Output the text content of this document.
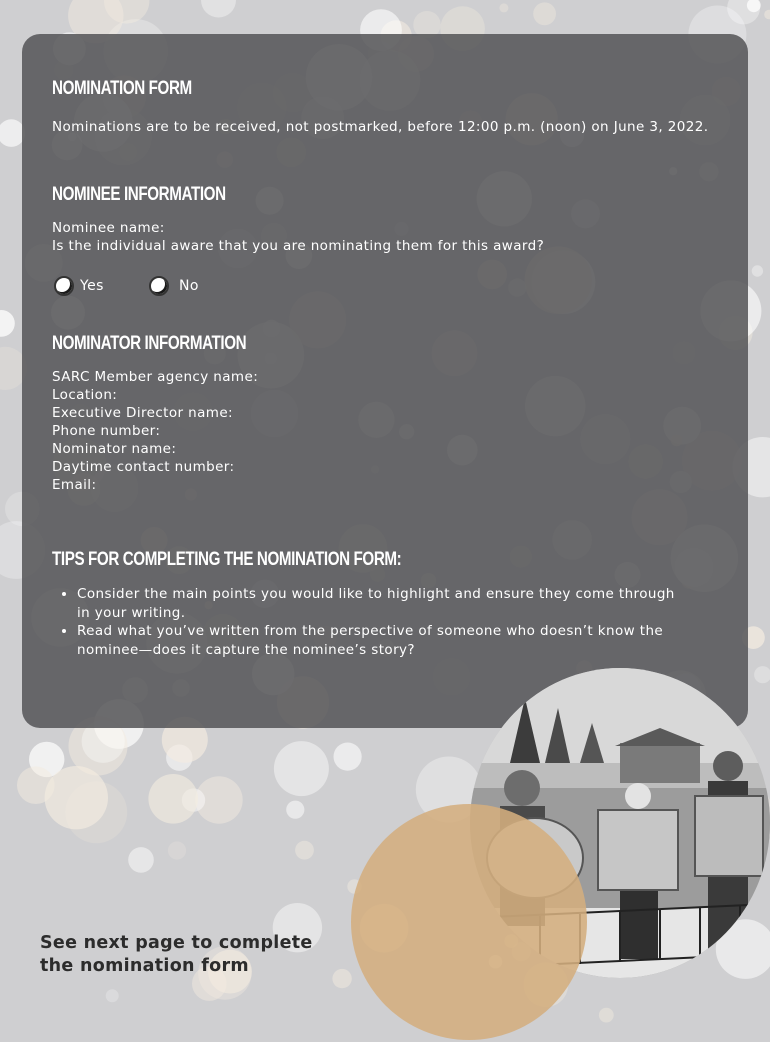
NOMINATION FORM

Nominations are to be received, not postmarked, before 12:00 p.m. (noon) on June 3, 2022.

NOMINEE INFORMATION

Nominee name:

Is the individual aware that you are nominating them for this award?

Yes	No
NOMINATOR INFORMATION
SARC Member agency name:
Location:
Executive Director name:
Phone number:
Nominator name:
Daytime contact number:
Email:
TIPS FOR COMPLETING THE NOMINATION FORM:
• Consider the main points you would like to highlight and ensure they come through in your writing.
• Read what you’ve written from the perspective of someone who doesn’t know the nominee—does it capture the nominee’s story?
See next page to complete
the nomination form
